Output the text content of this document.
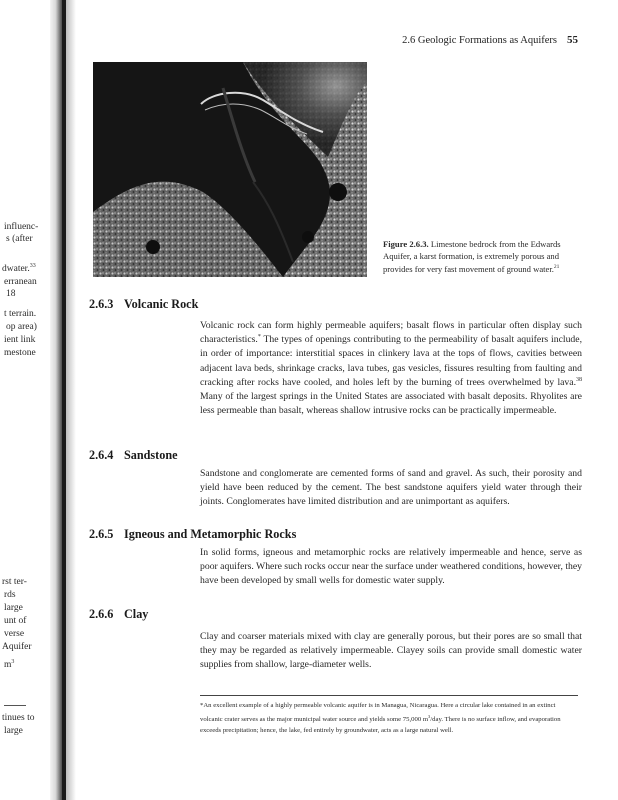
influenc-
s (after
dwater.$^{33}$
erranean
18
t terrain.
op area)
ient link
mestone
rst ter-
rds
large
unt of
verse
Aquifer
$m^3$
tinues to
large
2.6 Geologic Formations as Aquifers 55
Figure 2.6.3. Limestone bedrock from the Edwards Aquifer, a karst formation, is extremely porous and provides for very fast movement of ground water.$^{21}$
2.6.3 Volcanic Rock
Volcanic rock can form highly permeable aquifers; basalt flows in particular often display such characteristics.* The types of openings contributing to the permeability of basalt aquifers include, in order of importance: interstitial spaces in clinkery lava at the tops of flows, cavities between adjacent lava beds, shrinkage cracks, lava tubes, gas vesicles, fissures resulting from faulting and cracking after rocks have cooled, and holes left by the burning of trees overwhelmed by lava.$^{38}$ Many of the largest springs in the United States are associated with basalt deposits. Rhyolites are less permeable than basalt, whereas shallow intrusive rocks can be practically impermeable.
2.6.4 Sandstone
Sandstone and conglomerate are cemented forms of sand and gravel. As such, their porosity and yield have been reduced by the cement. The best sandstone aquifers yield water through their joints. Conglomerates have limited distribution and are unimportant as aquifers.
2.6.5 Igneous and Metamorphic Rocks
In solid forms, igneous and metamorphic rocks are relatively impermeable and hence, serve as poor aquifers. Where such rocks occur near the surface under weathered conditions, however, they have been developed by small wells for domestic water supply.
2.6.6 Clay
Clay and coarser materials mixed with clay are generally porous, but their pores are so small that they may be regarded as relatively impermeable. Clayey soils can provide small domestic water supplies from shallow, large-diameter wells.
*An excellent example of a highly permeable volcanic aquifer is in Managua, Nicaragua. Here a circular lake contained in an extinct volcanic crater serves as the major municipal water source and yields some 75,000 $m^3$/day. There is no surface inflow, and evaporation exceeds precipitation; hence, the lake, fed entirely by groundwater, acts as a large natural well.
